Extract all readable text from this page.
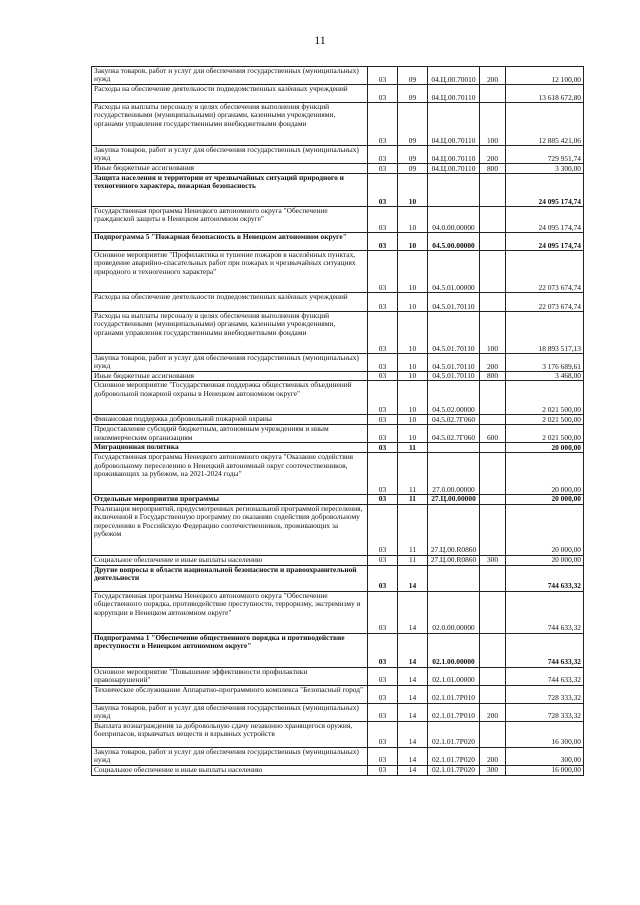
11
Закупка товаров, работ и услуг для обеспечения государственных (муниципальных) нужд	03	09	04.Ц.00.70010	200	12 100,00
Расходы на обеспечение деятельности подведомственных казённых учреждений	03	09	04.Ц.00.70110		13 618 672,80
Расходы на выплаты персоналу в целях обеспечения выполнения функций государственными (муниципальными) органами, казенными учреждениями, органами управления государственными внебюджетными фондами	03	09	04.Ц.00.70110	100	12 885 421,06
Закупка товаров, работ и услуг для обеспечения государственных (муниципальных) нужд	03	09	04.Ц.00.70110	200	729 951,74
Иные бюджетные ассигнования	03	09	04.Ц.00.70110	800	3 300,00
Защита населения и территории от чрезвычайных ситуаций природного и техногенного характера, пожарная безопасность	03	10			24 095 174,74
Государственная программа Ненецкого автономного округа "Обеспечение гражданской защиты в Ненецком автономном округе"	03	10	04.0.00.00000		24 095 174,74
Подпрограмма 5 "Пожарная безопасность в Ненецком автономном округе"	03	10	04.5.00.00000		24 095 174,74
Основное мероприятие "Профилактика и тушение пожаров в населённых пунктах, проведение аварийно-спасательных работ при пожарах и чрезвычайных ситуациях природного и техногенного характера"	03	10	04.5.01.00000		22 073 674,74
Расходы на обеспечение деятельности подведомственных казённых учреждений	03	10	04.5.01.70110		22 073 674,74
Расходы на выплаты персоналу в целях обеспечения выполнения функций государственными (муниципальными) органами, казенными учреждениями, органами управления государственными внебюджетными фондами	03	10	04.5.01.70110	100	18 893 517,13
Закупка товаров, работ и услуг для обеспечения государственных (муниципальных) нужд	03	10	04.5.01.70110	200	3 176 689,61
Иные бюджетные ассигнования	03	10	04.5.01.70110	800	3 468,00
Основное мероприятие "Государственная поддержка общественных объединений добровольной пожарной охраны в Ненецком автономном округе"	03	10	04.5.02.00000		2 021 500,00
Финансовая поддержка добровольной пожарной охраны	03	10	04.5.02.7Г060		2 021 500,00
Предоставление субсидий бюджетным, автономным учреждениям и иным некоммерческим организациям	03	10	04.5.02.7Г060	600	2 021 500,00
Миграционная политика	03	11			20 000,00
Государственная программа Ненецкого автономного округа "Оказание содействия добровольному переселению в Ненецкий автономный округ соотечественников, проживающих за рубежом, на 2021-2024 годы"	03	11	27.0.00.00000		20 000,00
Отдельные мероприятия программы	03	11	27.Ц.00.00000		20 000,00
Реализация мероприятий, предусмотренных региональной программой переселения, включенной в Государственную программу по оказанию содействия добровольному переселению в Российскую Федерацию соотечественников, проживающих за рубежом	03	11	27.Ц.00.R0860		20 000,00
Социальное обеспечение и иные выплаты населению	03	11	27.Ц.00.R0860	300	20 000,00
Другие вопросы в области национальной безопасности и правоохранительной деятельности	03	14			744 633,32
Государственная программа Ненецкого автономного округа "Обеспечение общественного порядка, противодействие преступности, терроризму, экстремизму и коррупции в Ненецком автономном округе"	03	14	02.0.00.00000		744 633,32
Подпрограмма 1 "Обеспечение общественного порядка и противодействие преступности в Ненецком автономном округе"	03	14	02.1.00.00000		744 633,32
Основное мероприятие "Повышение эффективности профилактики правонарушений"	03	14	02.1.01.00000		744 633,32
Техническое обслуживание Аппаратно-программного комплекса "Безопасный город"	03	14	02.1.01.7Р010		728 333,32
Закупка товаров, работ и услуг для обеспечения государственных (муниципальных) нужд	03	14	02.1.01.7Р010	200	728 333,32
Выплата вознаграждения за добровольную сдачу незаконно хранящегося оружия, боеприпасов, взрывчатых веществ и взрывных устройств	03	14	02.1.01.7Р020		16 300,00
Закупка товаров, работ и услуг для обеспечения государственных (муниципальных) нужд	03	14	02.1.01.7Р020	200	300,00
Социальное обеспечение и иные выплаты населению	03	14	02.1.01.7Р020	300	16 000,00
